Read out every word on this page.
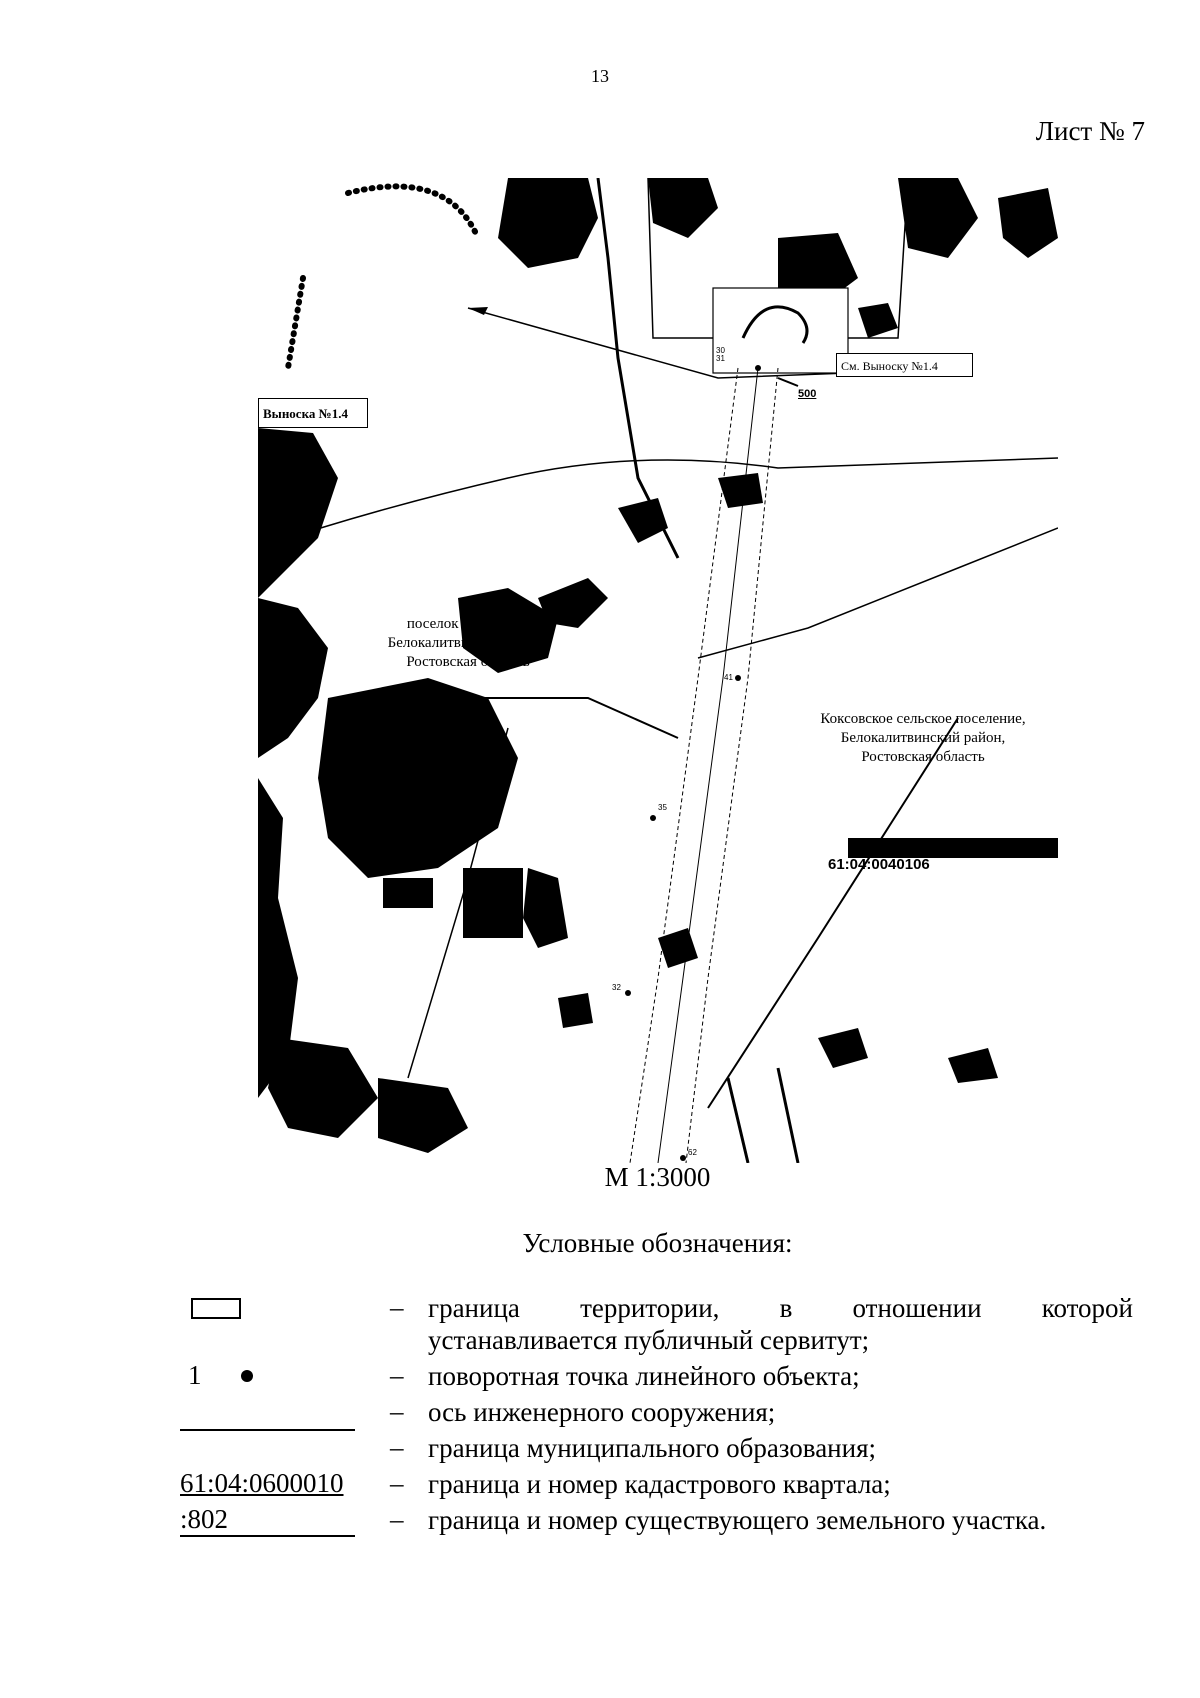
13
Лист № 7
Выноска №1.4
См. Выноску №1.4
500
поселок Коксовый,
Белокалитвинский район
Ростовская область
Коксовское сельское поселение,
Белокалитвинский район,
Ростовская область
61:04:0040106
30
31
35
41
32
62
М 1:3000
Условные обозначения:
– граница территории, в отношении которой
устанавливается публичный сервитут;
1	– поворотная точка линейного объекта;
– ось инженерного сооружения;
– граница муниципального образования;
61:04:0600010	– граница и номер кадастрового квартала;
:802	– граница и номер существующего земельного участка.
